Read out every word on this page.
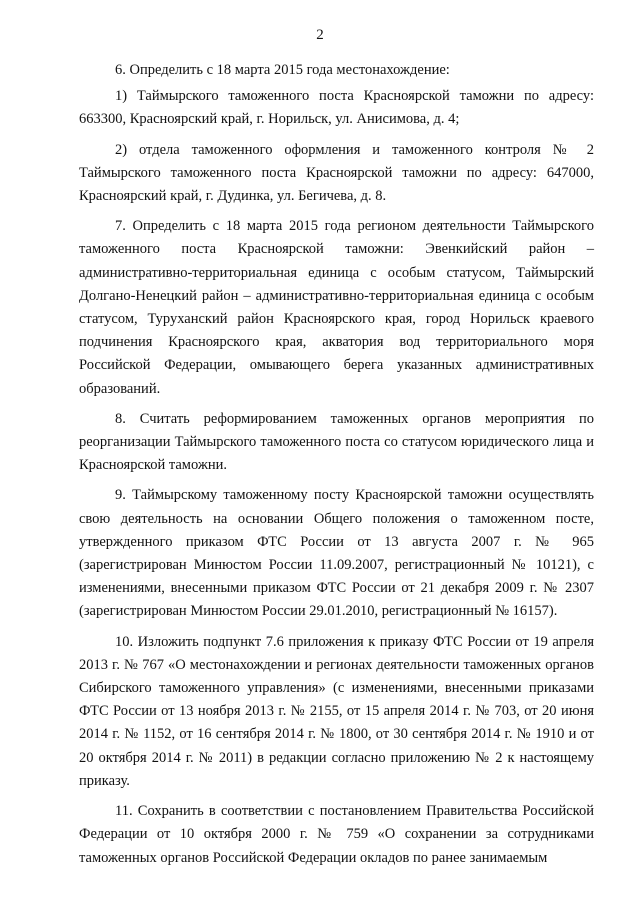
2

6. Определить с 18 марта 2015 года местонахождение:

1) Таймырского таможенного поста Красноярской таможни по адресу: 663300, Красноярский край, г. Норильск, ул. Анисимова, д. 4;

2) отдела таможенного оформления и таможенного контроля № 2 Таймырского таможенного поста Красноярской таможни по адресу: 647000, Красноярский край, г. Дудинка, ул. Бегичева, д. 8.

7. Определить с 18 марта 2015 года регионом деятельности Таймырского таможенного поста Красноярской таможни: Эвенкийский район – административно-территориальная единица с особым статусом, Таймырский Долгано-Ненецкий район – административно-территориальная единица с особым статусом, Туруханский район Красноярского края, город Норильск краевого подчинения Красноярского края, акватория вод территориального моря Российской Федерации, омывающего берега указанных административных образований.

8. Считать реформированием таможенных органов мероприятия по реорганизации Таймырского таможенного поста со статусом юридического лица и Красноярской таможни.

9. Таймырскому таможенному посту Красноярской таможни осуществлять свою деятельность на основании Общего положения о таможенном посте, утвержденного приказом ФТС России от 13 августа 2007 г. № 965 (зарегистрирован Минюстом России 11.09.2007, регистрационный № 10121), с изменениями, внесенными приказом ФТС России от 21 декабря 2009 г. № 2307 (зарегистрирован Минюстом России 29.01.2010, регистрационный № 16157).

10. Изложить подпункт 7.6 приложения к приказу ФТС России от 19 апреля 2013 г. № 767 «О местонахождении и регионах деятельности таможенных органов Сибирского таможенного управления» (с изменениями, внесенными приказами ФТС России от 13 ноября 2013 г. № 2155, от 15 апреля 2014 г. № 703, от 20 июня 2014 г. № 1152, от 16 сентября 2014 г. № 1800, от 30 сентября 2014 г. № 1910 и от 20 октября 2014 г. № 2011) в редакции согласно приложению № 2 к настоящему приказу.

11. Сохранить в соответствии с постановлением Правительства Российской Федерации от 10 октября 2000 г. № 759 «О сохранении за сотрудниками таможенных органов Российской Федерации окладов по ранее занимаемым
